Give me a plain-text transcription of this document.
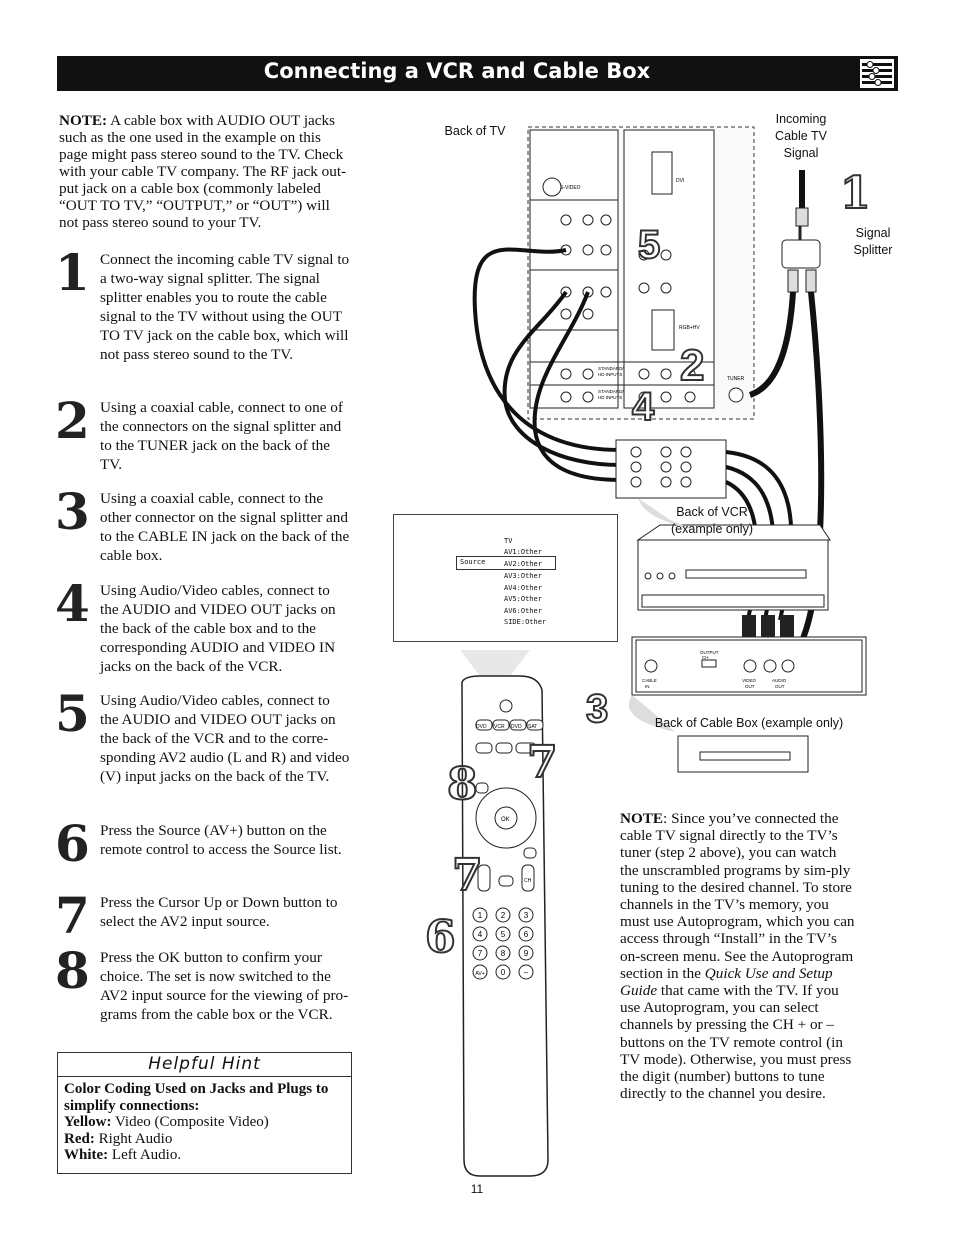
Connecting a VCR and Cable Box
NOTE: A cable box with AUDIO OUT jacks such as the one used in the example on this page might pass stereo sound to the TV. Check with your cable TV company. The RF jack out-put jack on a cable box (commonly labeled “OUT TO TV,” “OUTPUT,” or “OUT”) will not pass stereo sound to your TV.
1 Connect the incoming cable TV signal to a two-way signal splitter. The signal splitter enables you to route the cable signal to the TV without using the OUT TO TV jack on the cable box, which will not pass stereo sound to the TV.
2 Using a coaxial cable, connect to one of the connectors on the signal splitter and to the TUNER jack on the back of the TV.
3 Using a coaxial cable, connect to the other connector on the signal splitter and to the CABLE IN jack on the back of the cable box.
4 Using Audio/Video cables, connect to the AUDIO and VIDEO OUT jacks on the back of the cable box and to the corresponding AUDIO and VIDEO IN jacks on the back of the VCR.
5 Using Audio/Video cables, connect to the AUDIO and VIDEO OUT jacks on the back of the VCR and to the corre-sponding AV2 audio (L and R) and video (V) input jacks on the back of the TV.
6 Press the Source (AV+) button on the remote control to access the Source list.
7 Press the Cursor Up or Down button to select the AV2 input source.
8 Press the OK button to confirm your choice. The set is now switched to the AV2 input source for the viewing of pro-grams from the cable box or the VCR.
Helpful Hint
Color Coding Used on Jacks and Plugs to simplify connections:
Yellow: Video (Composite Video)
Red: Right Audio
White: Left Audio.
S-VIDEO
DVI
RGB+HV
STANDARD/
HD INPUTS
STANDARD/
HD INPUTS
TUNER
CABLE
IN
OUTPUT
CH
VIDEO
OUT
AUDIO
OUT
1
2
3
4
5
Back of TV
Incoming Cable TV Signal
Signal Splitter
Back of VCR (example only)
Back of Cable Box (example only)
Source
TV
AV1:Other
AV2:Other
AV3:Other
AV4:Other
AV5:Other
AV6:Other
SIDE:Other
DVD VCR DVD SAT
OK
CH
1 2 3
4 5 6
7 8 9
AV+ 0 –
8 7
7
6
NOTE: Since you’ve connected the cable TV signal directly to the TV’s tuner (step 2 above), you can watch the unscrambled programs by sim-ply tuning to the desired channel. To store channels in the TV’s memory, you must use Autoprogram, which you can access through “Install” in the TV’s on-screen menu. See the Autoprogram section in the Quick Use and Setup Guide that came with the TV. If you use Autoprogram, you can select channels by pressing the CH + or – buttons on the TV remote control (in TV mode). Otherwise, you must press the digit (number) buttons to tune directly to the channel you desire.
11
